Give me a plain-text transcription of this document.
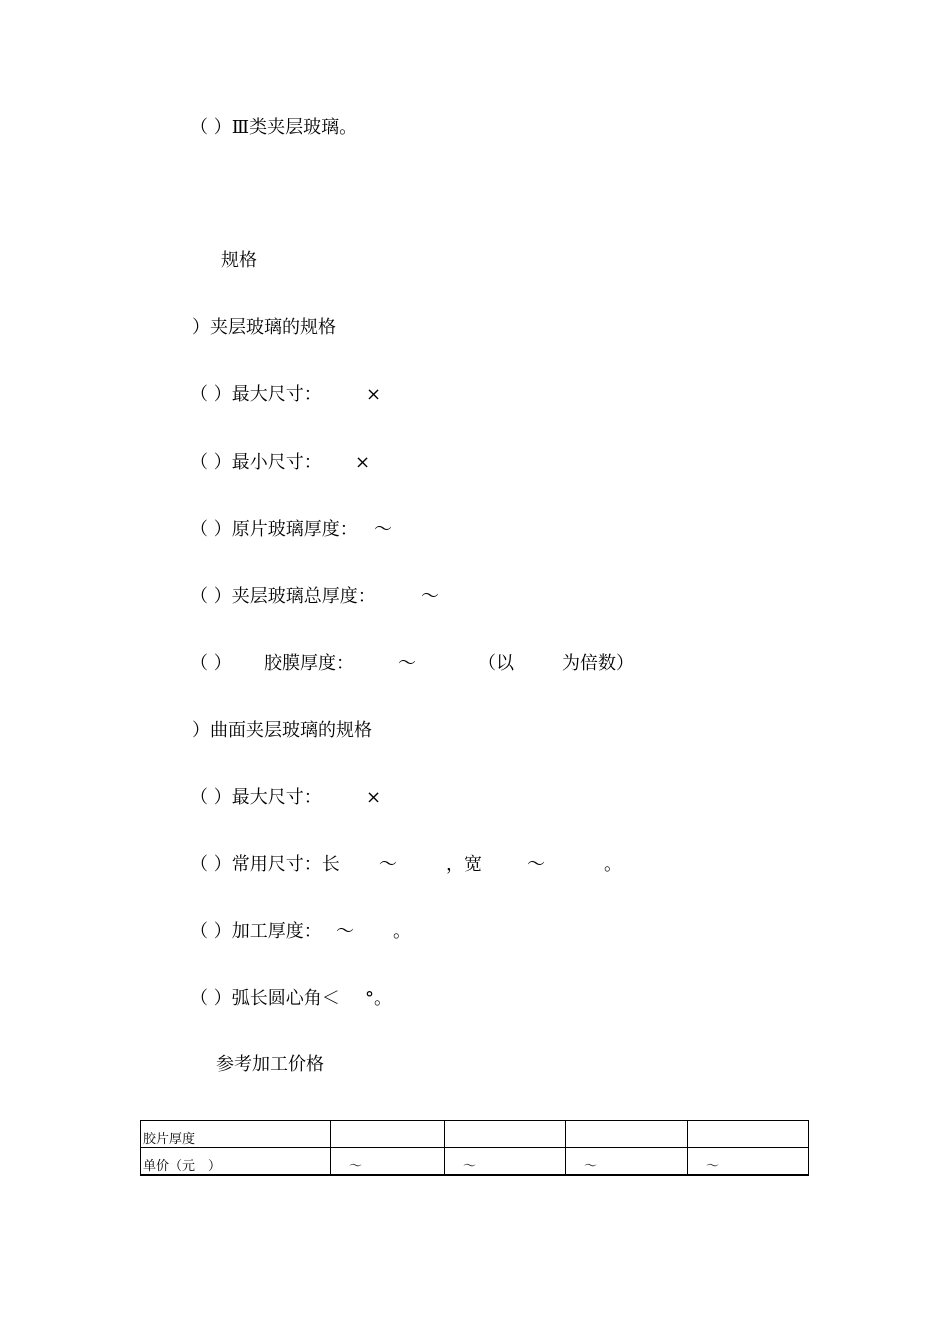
（ ）Ⅲ类夹层玻璃。
规格
）夹层玻璃的规格

（ ）最大尺寸：

×

（ ）最小尺寸：

×

（ ）原片玻璃厚度：

～

（ ）夹层玻璃总厚度：

	～

（ ）

胶膜厚度：

～

	（以

	为倍数）

）曲面夹层玻璃的规格

（ ）最大尺寸：

×

（ ）常用尺寸：长

～

	，宽

	～

	。

（ ）加工厚度：

～

。

（ ）弧长圆心角＜

°。

参考加工价格
胶片厚度				
单价（元　）	～	～	～	～
